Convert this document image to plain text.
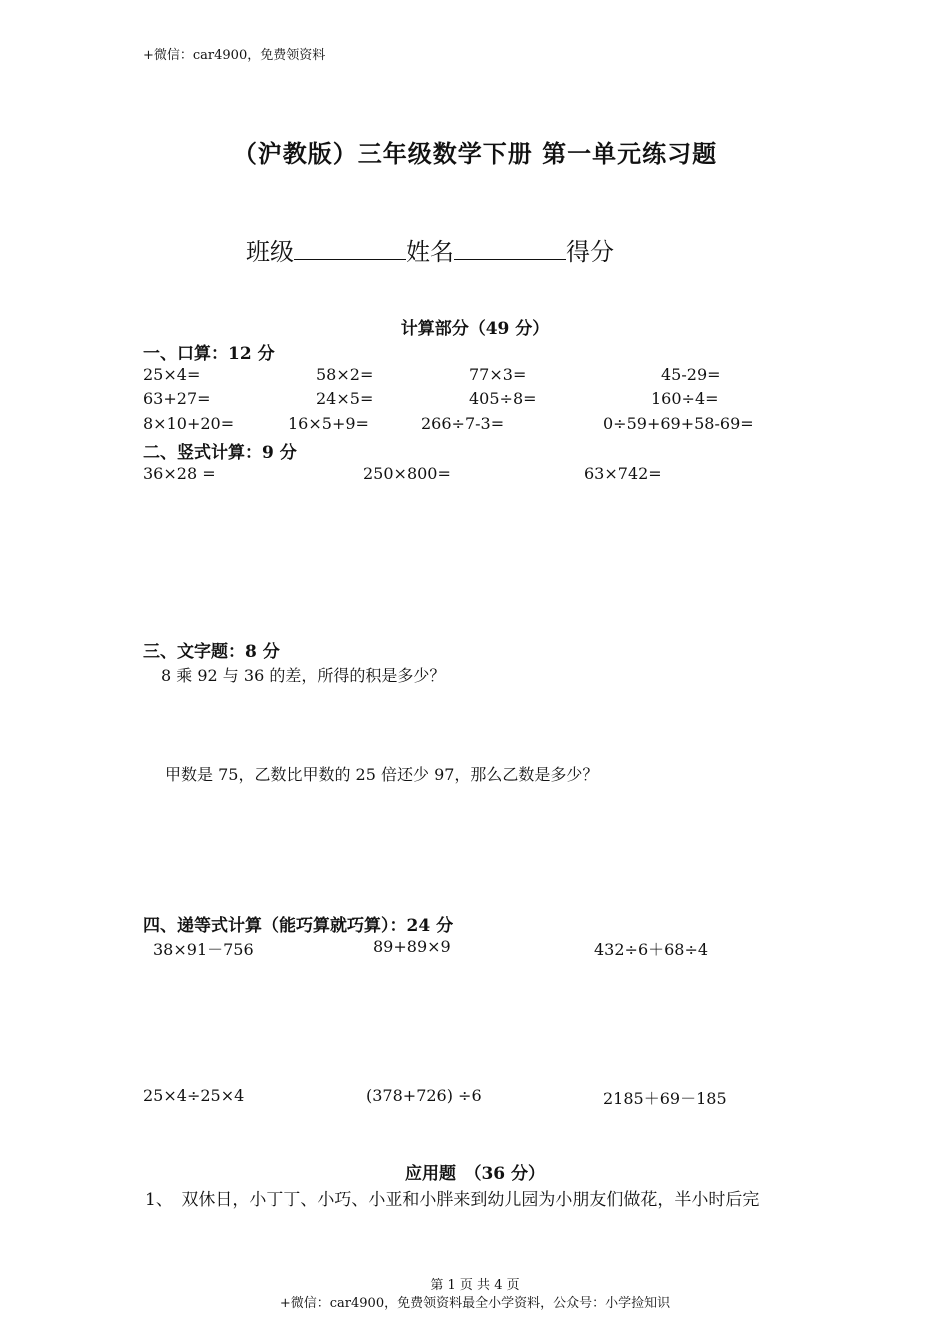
+微信：car4900，免费领资料
（沪教版）三年级数学下册 第一单元练习题
班级	姓名	得分
计算部分（49 分）
一、口算：12 分
25×4=	58×2=	77×3=	45-29=
63+27=	24×5=	405÷8=	160÷4=
8×10+20=	16×5+9=	266÷7-3=	0÷59+69+58-69=
二、竖式计算：9 分
36×28 =	250×800=	63×742=
三、文字题：8 分
8 乘 92 与 36 的差，所得的积是多少？
甲数是 75，乙数比甲数的 25 倍还少 97，那么乙数是多少？
四、递等式计算（能巧算就巧算）：24 分
38×91－756	89+89×9	432÷6＋68÷4
25×4÷25×4	(378+726) ÷6	2185＋69－185
应用题　（36 分）
1、　双休日，小丁丁、小巧、小亚和小胖来到幼儿园为小朋友们做花，半小时后完
第 1 页 共 4 页
+微信：car4900，免费领资料最全小学资料，公众号：小学捡知识
